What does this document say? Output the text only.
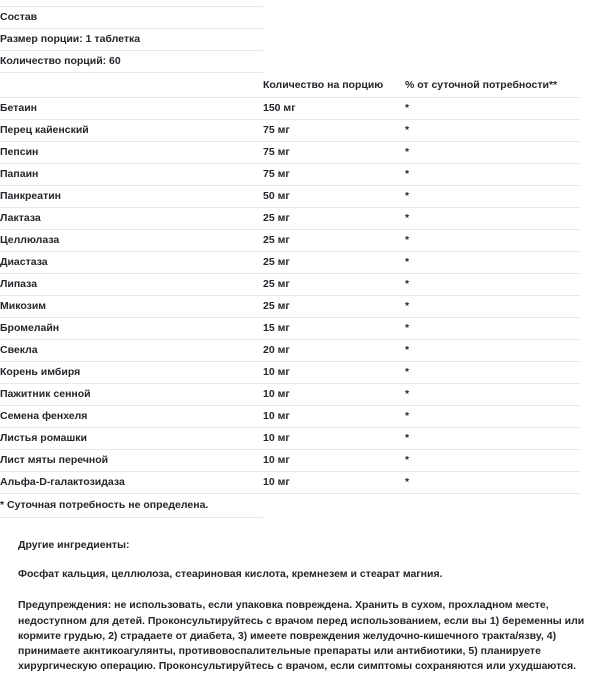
Состав		
Размер порции: 1 таблетка		
Количество порций: 60		
	Количество на порцию	% от суточной потребности**
Бетаин	150 мг	*
Перец кайенский	75 мг	*
Пепсин	75 мг	*
Папаин	75 мг	*
Панкреатин	50 мг	*
Лактаза	25 мг	*
Целлюлаза	25 мг	*
Диастаза	25 мг	*
Липаза	25 мг	*
Микозим	25 мг	*
Бромелайн	15 мг	*
Свекла	20 мг	*
Корень имбиря	10 мг	*
Пажитник сенной	10 мг	*
Семена фенхеля	10 мг	*
Листья ромашки	10 мг	*
Лист мяты перечной	10 мг	*
Альфа-D-галактозидаза	10 мг	*
* Суточная потребность не определена.		
Другие ингредиенты:
Фосфат кальция, целлюлоза, стеариновая кислота, кремнезем и стеарат магния.
Предупреждения: не использовать, если упаковка повреждена. Хранить в сухом, прохладном месте, недоступном для детей. Проконсультируйтесь с врачом перед использованием, если вы 1) беременны или кормите грудью, 2) страдаете от диабета, 3) имеете повреждения желудочно-кишечного тракта/язву, 4) принимаете акнтикоагулянты, противовоспалительные препараты или антибиотики, 5) планируете хирургическую операцию. Проконсультируйтесь с врачом, если симптомы сохраняются или ухудшаются.
